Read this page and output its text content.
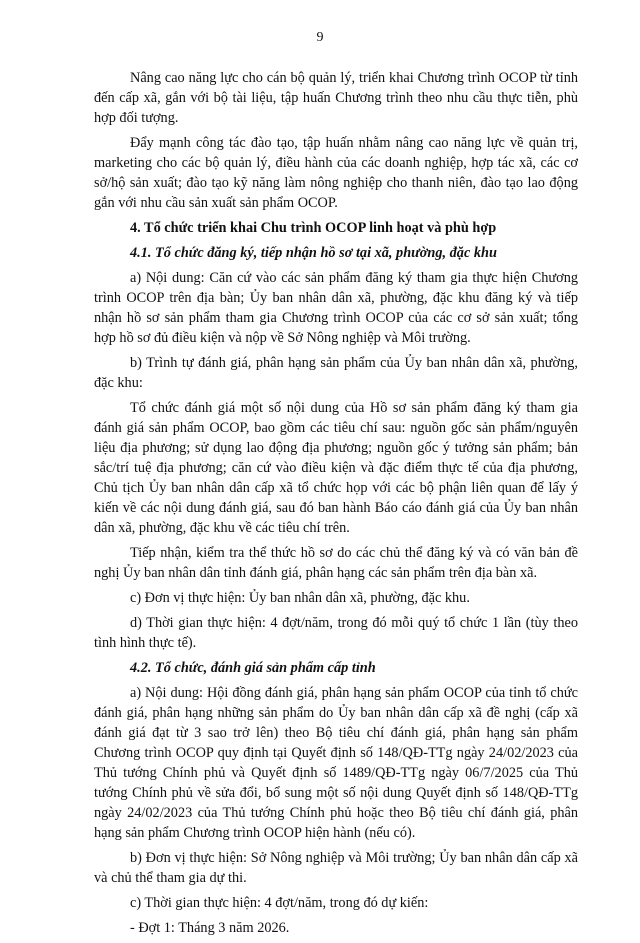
9

Nâng cao năng lực cho cán bộ quản lý, triển khai Chương trình OCOP từ tỉnh đến cấp xã, gắn với bộ tài liệu, tập huấn Chương trình theo nhu cầu thực tiễn, phù hợp đối tượng.

Đẩy mạnh công tác đào tạo, tập huấn nhằm nâng cao năng lực về quản trị, marketing cho các bộ quản lý, điều hành của các doanh nghiệp, hợp tác xã, các cơ sở/hộ sản xuất; đào tạo kỹ năng làm nông nghiệp cho thanh niên, đào tạo lao động gắn với nhu cầu sản xuất sản phẩm OCOP.

4. Tổ chức triển khai Chu trình OCOP linh hoạt và phù hợp

4.1. Tổ chức đăng ký, tiếp nhận hồ sơ tại xã, phường, đặc khu

a) Nội dung: Căn cứ vào các sản phẩm đăng ký tham gia thực hiện Chương trình OCOP trên địa bàn; Ủy ban nhân dân xã, phường, đặc khu đăng ký và tiếp nhận hồ sơ sản phẩm tham gia Chương trình OCOP của các cơ sở sản xuất; tổng hợp hồ sơ đủ điều kiện và nộp về Sở Nông nghiệp và Môi trường.

b) Trình tự đánh giá, phân hạng sản phẩm của Ủy ban nhân dân xã, phường, đặc khu:

Tổ chức đánh giá một số nội dung của Hồ sơ sản phẩm đăng ký tham gia đánh giá sản phẩm OCOP, bao gồm các tiêu chí sau: nguồn gốc sản phẩm/nguyên liệu địa phương; sử dụng lao động địa phương; nguồn gốc ý tưởng sản phẩm; bản sắc/trí tuệ địa phương; căn cứ vào điều kiện và đặc điểm thực tế của địa phương, Chủ tịch Ủy ban nhân dân cấp xã tổ chức họp với các bộ phận liên quan để lấy ý kiến về các nội dung đánh giá, sau đó ban hành Báo cáo đánh giá của Ủy ban nhân dân xã, phường, đặc khu về các tiêu chí trên.

Tiếp nhận, kiểm tra thể thức hồ sơ do các chủ thể đăng ký và có văn bản đề nghị Ủy ban nhân dân tỉnh đánh giá, phân hạng các sản phẩm trên địa bàn xã.

c) Đơn vị thực hiện: Ủy ban nhân dân xã, phường, đặc khu.

d) Thời gian thực hiện: 4 đợt/năm, trong đó mỗi quý tổ chức 1 lần (tùy theo tình hình thực tế).

4.2. Tổ chức, đánh giá sản phẩm cấp tỉnh

a) Nội dung: Hội đồng đánh giá, phân hạng sản phẩm OCOP của tỉnh tổ chức đánh giá, phân hạng những sản phẩm do Ủy ban nhân dân cấp xã đề nghị (cấp xã đánh giá đạt từ 3 sao trở lên) theo Bộ tiêu chí đánh giá, phân hạng sản phẩm Chương trình OCOP quy định tại Quyết định số 148/QĐ-TTg ngày 24/02/2023 của Thủ tướng Chính phủ và Quyết định số 1489/QĐ-TTg ngày 06/7/2025 của Thủ tướng Chính phủ về sửa đổi, bổ sung một số nội dung Quyết định số 148/QĐ-TTg ngày 24/02/2023 của Thủ tướng Chính phủ hoặc theo Bộ tiêu chí đánh giá, phân hạng sản phẩm Chương trình OCOP hiện hành (nếu có).

b) Đơn vị thực hiện: Sở Nông nghiệp và Môi trường; Ủy ban nhân dân cấp xã và chủ thể tham gia dự thi.

c) Thời gian thực hiện: 4 đợt/năm, trong đó dự kiến:

- Đợt 1: Tháng 3 năm 2026.
